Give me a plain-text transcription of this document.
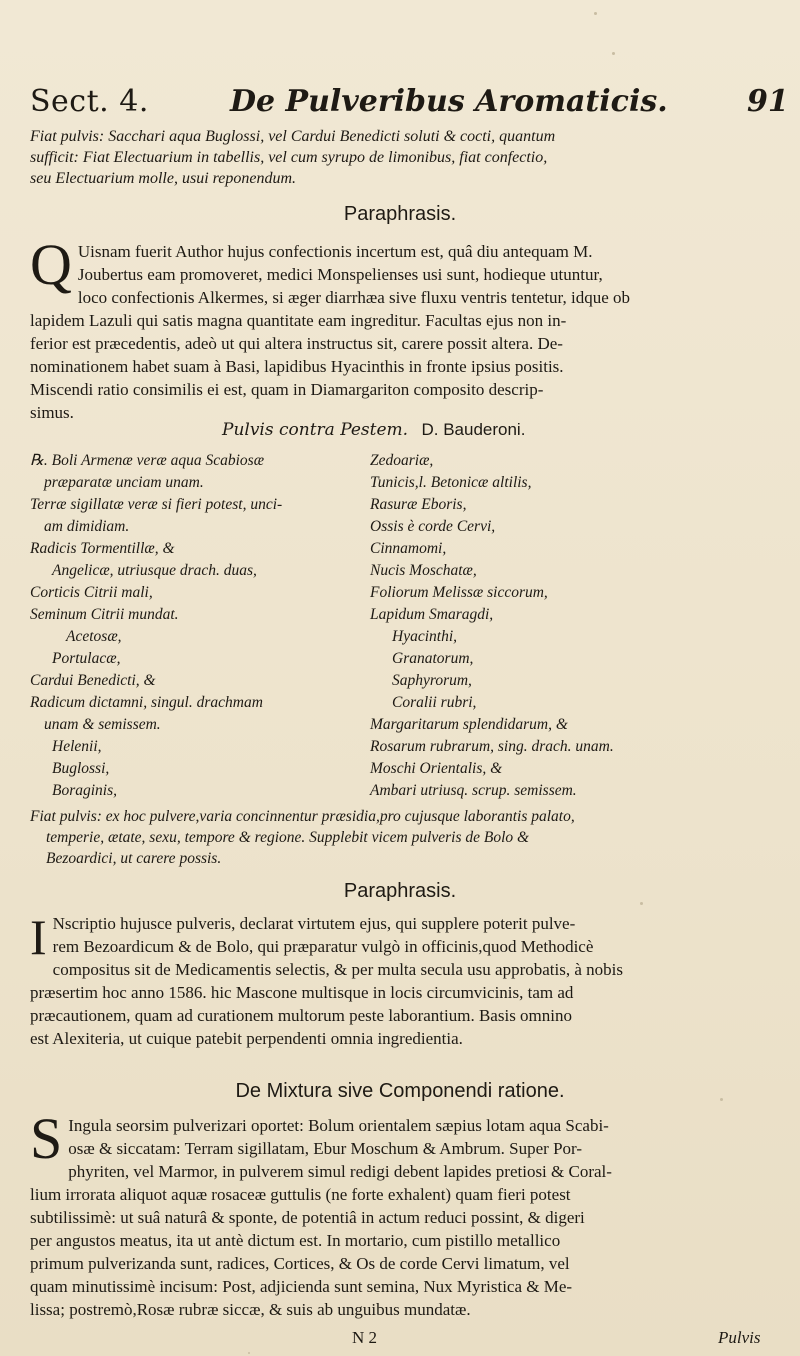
Sect. 4.	De Pulveribus Aromaticis.	91
Fiat pulvis: Sacchari aqua Buglossi, vel Cardui Benedicti soluti & cocti, quantum
sufficit: Fiat Electuarium in tabellis, vel cum syrupo de limonibus, fiat confectio,
seu Electuarium molle, usui reponendum.
Paraphrasis.
Q Uisnam fuerit Author hujus confectionis incertum est, quâ diu antequam M.
Joubertus eam promoveret, medici Monspelienses usi sunt, hodieque utuntur,
loco confectionis Alkermes, si æger diarrhæa sive fluxu ventris tentetur, idque ob
lapidem Lazuli qui satis magna quantitate eam ingreditur. Facultas ejus non in-
ferior est præcedentis, adeò ut qui altera instructus sit, carere possit altera. De-
nominationem habet suam à Basi, lapidibus Hyacinthis in fronte ipsius positis.
Miscendi ratio consimilis ei est, quam in Diamargariton composito descrip-
simus.
Pulvis contra Pestem. D. Bauderoni.
℞. Boli Armenæ veræ aqua Scabiosæ
præparatæ unciam unam.
Terræ sigillatæ veræ si fieri potest, unci-
am dimidiam.
Radicis Tormentillæ, &
Angelicæ, utriusque drach. duas,
Corticis Citrii mali,
Seminum Citrii mundat.
Acetosæ,
Portulacæ,
Cardui Benedicti, &
Radicum dictamni, singul. drachmam
unam & semissem.
Helenii,
Buglossi,
Boraginis,
Zedoariæ,
Tunicis,l. Betonicæ altilis,
Rasuræ Eboris,
Ossis è corde Cervi,
Cinnamomi,
Nucis Moschatæ,
Foliorum Melissæ siccorum,
Lapidum Smaragdi,
Hyacinthi,
Granatorum,
Saphyrorum,
Coralii rubri,
Margaritarum splendidarum, &
Rosarum rubrarum, sing. drach. unam.
Moschi Orientalis, &
Ambari utriusq. scrup. semissem.
Fiat pulvis: ex hoc pulvere,varia concinnentur præsidia,pro cujusque laborantis palato,
temperie, ætate, sexu, tempore & regione. Supplebit vicem pulveris de Bolo &
Bezoardici, ut carere possis.
Paraphrasis.
I Nscriptio hujusce pulveris, declarat virtutem ejus, qui supplere poterit pulve-
rem Bezoardicum & de Bolo, qui præparatur vulgò in officinis,quod Methodicè
compositus sit de Medicamentis selectis, & per multa secula usu approbatis, à nobis
præsertim hoc anno 1586. hic Masconе multisque in locis circumvicinis, tam ad
præcautionem, quam ad curationem multorum peste laborantium. Basis omnino
est Alexiteria, ut cuique patebit perpendenti omnia ingredientia.
De Mixtura sive Componendi ratione.
S Ingula seorsim pulverizari oportet: Bolum orientalem sæpius lotam aqua Scabi-
osæ & siccatam: Terram sigillatam, Ebur Moschum & Ambrum. Super Por-
phyriten, vel Marmor, in pulverem simul redigi debent lapides pretiosi & Coral-
lium irrorata aliquot aquæ rosaceæ guttulis (ne forte exhalent) quam fieri potest
subtilissimè: ut suâ naturâ & sponte, de potentiâ in actum reduci possint, & digeri
per angustos meatus, ita ut antè dictum est. In mortario, cum pistillo metallico
primum pulverizanda sunt, radices, Cortices, & Os de corde Cervi limatum, vel
quam minutissimè incisum: Post, adjicienda sunt semina, Nux Myristica & Me-
lissa; postremò,Rosæ rubræ siccæ, & suis ab unguibus mundatæ.
N 2	Pulvis
